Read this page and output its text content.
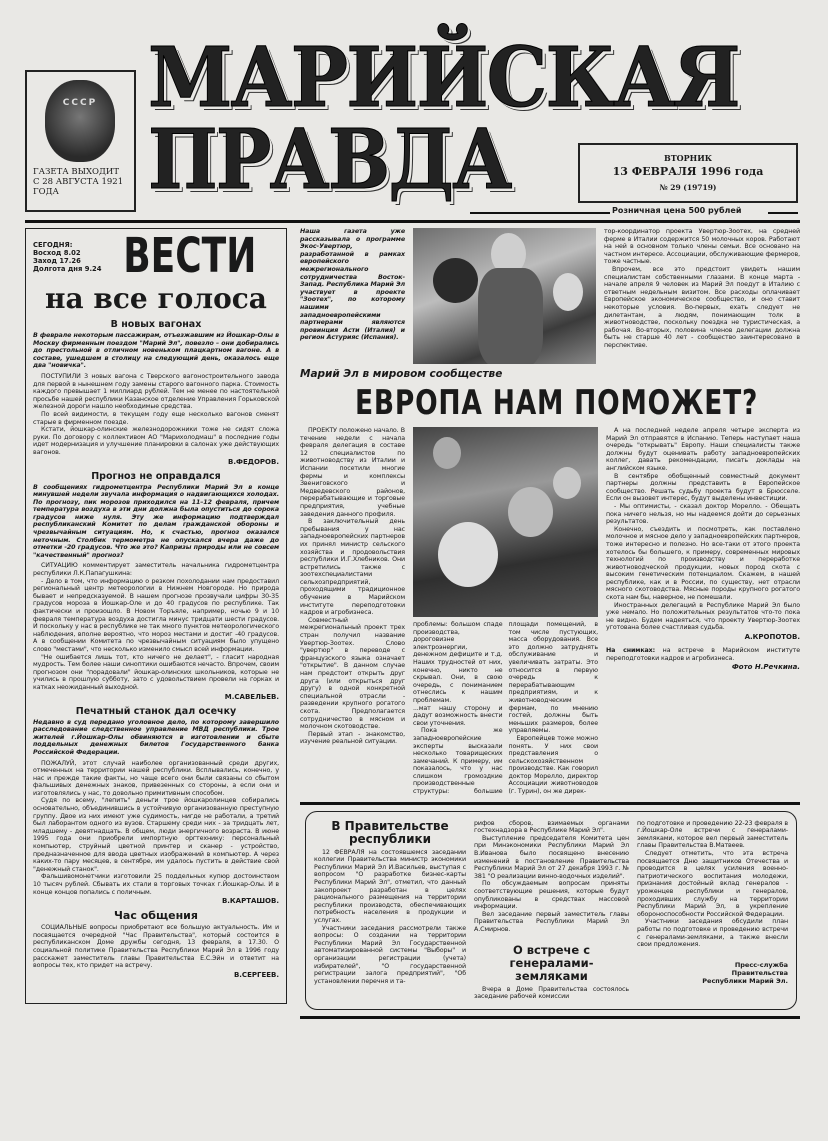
СССР
ГАЗЕТА ВЫХОДИТ С 28 АВГУСТА 1921 ГОДА
МАРИЙСКАЯ
ПРАВДА	ВТОРНИК
13 ФЕВРАЛЯ 1996 года
№ 29 (19719)
Розничная цена 500 рублей
СЕГОДНЯ:
Восход 8.02
Заход 17.26
Долгота дня 9.24 ВЕСТИ
на все голоса
В новых вагонах

В феврале некоторым пассажирам, отъезжавшим из Йошкар-Олы в Москву фирменным поездом "Марий Эл", повезло – они добирались до престольной в отличном новеньком плацкартном вагоне. А в составе, ушедшем в столицу на следующий день, оказалось еще два "новичка".

ПОСТУПИЛИ 3 новых вагона с Тверского вагоностроительного завода для первой в нынешнем году замены старого вагонного парка. Стоимость каждого превышает 1 миллиард рублей. Тем не менее по настоятельной просьбе нашей республики Казанское отделение Управления Горьковской железной дороги нашло необходимые средства.

По всей видимости, в текущем году еще несколько вагонов сменят старые в фирменном поезде.

Кстати, йошкар-олинские железнодорожники тоже не сидят сложа руки. По договору с коллективом АО "Марихолодмаш" в последние годы идет модернизация и улучшение планировки в салонах уже действующих вагонов.

В.ФЕДОРОВ.
Прогноз не оправдался

В сообщениях гидрометцентра Республики Марий Эл в конце минувшей недели звучала информация о надвигающихся холодах. По прогнозу, пик морозов приходился на 11–12 февраля, причем температура воздуха в эти дни должна была опуститься до сорока градусов ниже нуля. Эту же информацию подтверждал республиканский Комитет по делам гражданской обороны и чрезвычайным ситуациям. Но, к счастью, прогноз оказался неточным. Столбик термометра не опускался вчера даже до отметки -20 градусов. Что же это? Капризы природы или не совсем "качественный" прогноз?

СИТУАЦИЮ комментирует заместитель начальника гидрометцентра республики Л.К.Папагушкина:

- Дело в том, что информацию о резком похолодании нам предоставил региональный центр метеорологии в Нижнем Новгороде. Но природа бывает и непредсказуемой. В нашем прогнозе прозвучали цифры 30-35 градусов мороза в Йошкар-Оле и до 40 градусов по республике. Так фактически и произошло. В Новом Торъяле, например, ночью 9 и 10 февраля температура воздуха достигла минус тридцати шести градусов. И поскольку у нас в республике не так много пунктов метеорологического наблюдения, вполне вероятно, что мороз местами и достиг -40 градусов. А в сообщении Комитета по чрезвычайным ситуациям было упущено слово "местами", что несколько изменило смысл всей информации.

"Не ошибается лишь тот, кто ничего не делает", - гласит народная мудрость. Тем более наши синоптики ошибаются нечасто. Впрочем, своим прогнозом они "порадовали" йошкар-олинских школьников, которые не учились в прошлую субботу, зато с удовольствием провели на горках и катках неожиданный выходной.

М.САВЕЛЬЕВ.
Печатный станок дал осечку

Недавно в суд передано уголовное дело, по которому завершило расследование следственное управление МВД республики. Трое жителей г.Йошкар-Олы обвиняются в изготовлении и сбыте поддельных денежных билетов Государственного банка Российской Федерации.

ПОЖАЛУЙ, этот случай наиболее организованный среди других, отмеченных на территории нашей республики. Всплывались, конечно, у нас и прежде такие факты, но чаще всего они были связаны со сбытом фальшивых денежных знаков, привезенных со стороны, а если они и изготовлялись у нас, то довольно примитивным способом.

Судя по всему, "лепить" деньги трое йошкаролинцев собирались основательно, объединившись в устойчивую организованную преступную группу. Двое из них имеют уже судимость, нигде не работали, а третий был лаборантом одного из вузов. Старшему среди них - за тридцать лет, младшему - девятнадцать. В общем, люди энергичного возраста. В июне 1995 года они приобрели импортную оргтехнику: персональный компьютер, струйный цветной принтер и сканер - устройство, предназначенное для ввода цветных изображений в компьютер. А через каких-то пару месяцев, в сентябре, им удалось пустить в действие свой "денежный станок".

Фальшивомонетчики изготовили 25 поддельных купюр достоинством 10 тысяч рублей. Сбывать их стали в торговых точках г.Йошкар-Олы. И в конце концов попались с поличным.

В.КАРТАШОВ.
Час общения

СОЦИАЛЬНЫЕ вопросы приобретают все большую актуальность. Им и посвящается очередной "Час Правительства", который состоится в республиканском Доме дружбы сегодня, 13 февраля, в 17.30. О социальной политике Правительства Республики Марий Эл в 1996 году расскажет заместитель главы Правительства Е.С.Эйн и ответит на вопросы тех, кто придет на встречу.

В.СЕРГЕЕВ.

Наша газета уже рассказывала о программе Экос-Увертюр, разработанной в рамках европейского межрегионального сотрудничества Восток-Запад. Республика Марий Эл участвует в проекте "Зоотех", по которому нашими западноевропейскими партнерами являются провинция Асти (Италия) и регион Астурияс (Испания).

тор-координатор проекта Увертюр-Зоотех, на средней ферме в Италии содержится 50 молочных коров. Работают на ней в основном только члены семьи. Все основано на частном интересе. Ассоциации, обслуживающие фермеров, тоже частные.

Впрочем, все это предстоит увидеть нашим специалистам собственными глазами. В конце марта - начале апреля 9 человек из Марий Эл поедут в Италию с ответным недельным визитом. Все расходы оплачивает Европейское экономическое сообщество, и оно ставит некоторые условия. Во-первых, ехать следует не дилетантам, а людям, понимающим толк в животноводстве, поскольку поездка не туристическая, а рабочая. Во-вторых, половина членов делегации должна быть не старше 40 лет - сообщество заинтересовано в перспективе.

Марий Эл в мировом сообществе
ЕВРОПА НАМ ПОМОЖЕТ?

ПРОЕКТУ положено начало. В течение недели с начала февраля делегация в составе 12 специалистов по животноводству из Италии и Испании посетили многие фермы и комплексы Звениговского и Медведевского районов, перерабатывающие и торговые предприятия, учебные заведения данного профиля.

В заключительный день пребывания у нас западноевропейских партнеров их принял министр сельского хозяйства и продовольствия республики И.Г.Хлебников. Они встретились также с зоотехспециалистами сельхозпредприятий, проходящими традиционное обучение в Марийском институте переподготовки кадров и агробизнеса.

Совместный межрегиональный проект трех стран получил название Увертюр-Зоотех. Слово "увертюр" в переводе с французского языка означает "открытие". В данном случае нам предстоит открыть друг друга (или открыться друг другу) в одной конкретной специальной отрасли - разведении крупного рогатого скота. Предполагается сотрудничество в мясном и молочном скотоводстве.

Первый этап - знакомство, изучение реальной ситуации.

проблемы: большом спаде производства, дороговизне электроэнергии, денежном дефиците и т.д. Наших трудностей от них, конечно, никто не скрывал. Они, в свою очередь, с пониманием отнеслись к нашим проблемам.

...мат нашу сторону и дадут возможность внести свои уточнения.

Пока же западноевропейские эксперты высказали несколько товарищеских замечаний. К примеру, им показалось, что у нас слишком громоздкие производственные структуры: большие площади помещений, в том числе пустующих, масса оборудования. Все это должно затруднять обслуживание и увеличивать затраты. Это относится в первую очередь к перерабатывающим предприятиям, и к животноводческим фермам, по мнению гостей, должны быть меньших размеров, более управляемы.

Европейцев тоже можно понять. У них свои представления о сельскохозяйственном производстве. Как говорил доктор Морелло, директор Ассоциации животноводов (г. Турин), он же дирек-

А на последней неделе апреля четыре эксперта из Марий Эл отправятся в Испанию. Теперь наступает наша очередь "открывать" Европу. Наши специалисты также должны будут оценивать работу западноевропейских коллег, давать рекомендации, писать доклады на английском языке.

В сентябре обобщенный совместный документ партнеры должны представить в Европейское сообщество. Решать судьбу проекта будут в Брюсселе. Если он вызовет интерес, будут выделены инвестиции.

- Мы оптимисты, - сказал доктор Морелло. - Обещать пока ничего нельзя, но мы надеемся дойти до серьезных результатов.

Конечно, съездить и посмотреть, как поставлено молочное и мясное дело у западноевропейских партнеров, тоже интересно и полезно. Но все-таки от этого проекта хотелось бы большего, к примеру, современных мировых технологий по производству и переработке животноводческой продукции, новых пород скота с высоким генетическим потенциалом. Скажем, в нашей республике, как и в России, по существу, нет отрасли мясного скотоводства. Мясные породы крупного рогатого скота нам бы, наверное, не помешали.

Иностранных делегаций в Республике Марий Эл было уже немало. Но положительных результатов что-то пока не видно. Будем надеяться, что проекту Увертюр-Зоотех уготована более счастливая судьба.

А.КРОПОТОВ.

На снимках: на встрече в Марийском институте переподготовки кадров и агробизнеса.

Фото Н.Речкина.
В Правительстве республики

12 ФЕВРАЛЯ на состоявшемся заседании коллегии Правительства министр экономики Республики Марий Эл И.Васильев, выступая с вопросом "О разработке бизнес-карты Республики Марий Эл", отметил, что данный закопроект разработан в целях рационального размещения на территории республики производств, обеспечивающих потребность населения в продукции и услугах.

Участники заседания рассмотрели также вопросы: О создании на территории Республики Марий Эл Государственной автоматизированной системы "Выборы" и организации регистрации (учета) избирателей", "О государственной регистрации залога предприятий", "Об установлении перечня и та-

рифов сборов, взимаемых органами гостехнадзора в Республике Марий Эл".

Выступление председателя Комитета цен при Минэкономики Республики Марий Эл В.Иванова было посвящено внесению изменений в постановление Правительства Республики Марий Эл от 27 декабря 1993 г. № 381 "О реализации винно-водочных изделий".

По обсуждаемым вопросам приняты соответствующие решения, которые будут опубликованы в средствах массовой информации.

Вел заседание первый заместитель главы Правительства Республики Марий Эл А.Смирнов.

О встрече с генералами-земляками

Вчера в Доме Правительства состоялось заседание рабочей комиссии

по подготовке и проведению 22-23 февраля в г.Йошкар-Оле встречи с генералами-земляками, которое вел первый заместитель главы Правительства В.Матвеев.

Следует отметить, что эта встреча посвящается Дню защитников Отечества и проводится в целях усиления военно-патриотического воспитания молодежи, признания достойный вклад генералов - уроженцев республики и генералов, проходивших службу на территории Республики Марий Эл, в укрепление обороноспособности Российской Федерации.

Участники заседания обсудили план работы по подготовке и проведению встречи с генералами-земляками, а также внесли свои предложения.

Пресс-служба Правительства Республики Марий Эл.
